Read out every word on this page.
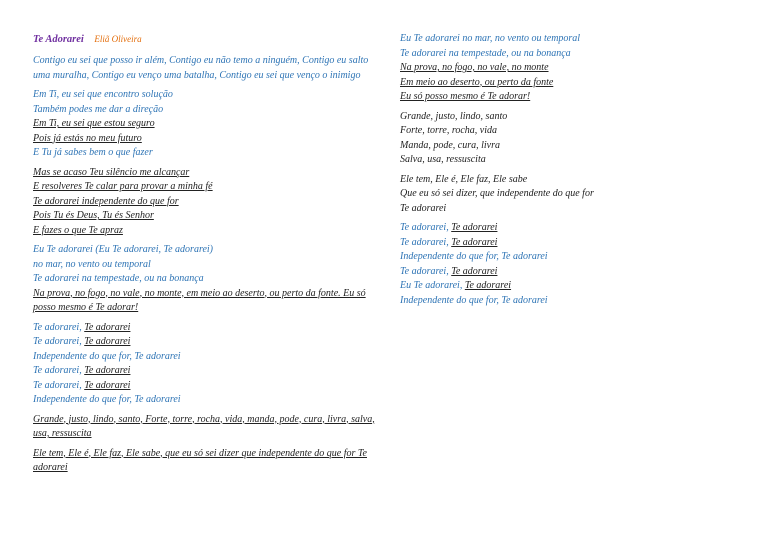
Te Adorarei Eliã Oliveira
Contigo eu sei que posso ir além, Contigo eu não temo a ninguém, Contigo eu salto uma muralha, Contigo eu venço uma batalha, Contigo eu sei que venço o inimigo
Em Ti, eu sei que encontro solução
Também podes me dar a direção
Em Ti, eu sei que estou seguro
Pois já estás no meu futuro
E Tu já sabes bem o que fazer
Mas se acaso Teu silêncio me alcançar
E resolveres Te calar para provar a minha fé
Te adorarei independente do que for
Pois Tu és Deus, Tu és Senhor
E fazes o que Te apraz
Eu Te adorarei (Eu Te adorarei, Te adorarei)
no mar, no vento ou temporal
Te adorarei na tempestade, ou na bonança
Na prova, no fogo, no vale, no monte, em meio ao deserto, ou perto da fonte. Eu só posso mesmo é Te adorar!
Te adorarei, Te adorarei
Te adorarei, Te adorarei
Independente do que for, Te adorarei
Te adorarei, Te adorarei
Te adorarei, Te adorarei
Independente do que for, Te adorarei
Grande, justo, lindo, santo, Forte, torre, rocha, vida, manda, pode, cura, livra, salva, usa, ressuscita
Ele tem, Ele é, Ele faz, Ele sabe, que eu só sei dizer que independente do que for Te adorarei
Eu Te adorarei no mar, no vento ou temporal
Te adorarei na tempestade, ou na bonança
Na prova, no fogo, no vale, no monte
Em meio ao deserto, ou perto da fonte
Eu só posso mesmo é Te adorar!
Grande, justo, lindo, santo
Forte, torre, rocha, vida
Manda, pode, cura, livra
Salva, usa, ressuscita
Ele tem, Ele é, Ele faz, Ele sabe
Que eu só sei dizer, que independente do que for
Te adorarei
Te adorarei, Te adorarei
Te adorarei, Te adorarei
Independente do que for, Te adorarei
Te adorarei, Te adorarei
Eu Te adorarei, Te adorarei
Independente do que for, Te adorarei
